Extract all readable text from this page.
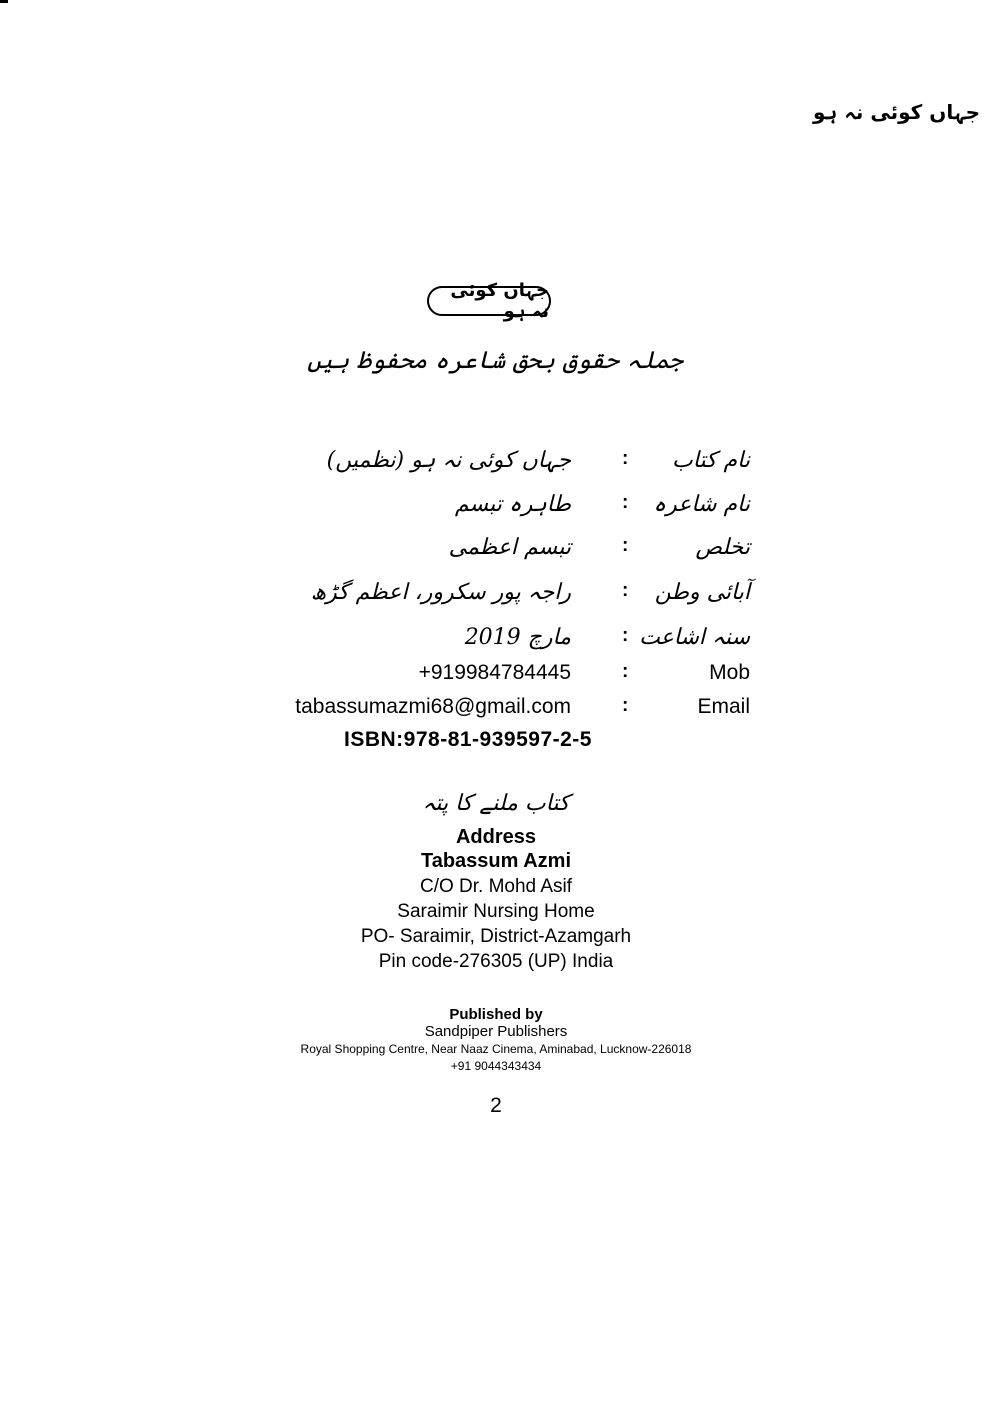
جہاں کوئی نہ ہو
جہاں کوئی نہ ہو
جملہ حقوق بحق شاعرہ محفوظ ہیں
نام کتاب
:
جہاں کوئی نہ ہو (نظمیں)
نام شاعرہ
:
طاہرہ تبسم
تخلص
:
تبسم اعظمی
آبائی وطن
:
راجہ پور سکرور، اعظم گڑھ
سنہ اشاعت
:
مارچ 2019
Mob
:
+919984784445
Email
:
tabassumazmi68@gmail.com
ISBN:978-81-939597-2-5
کتاب ملنے کا پتہ
Address
Tabassum Azmi
C/O Dr. Mohd Asif
Saraimir Nursing Home
PO- Saraimir, District-Azamgarh
Pin code-276305 (UP) India
Published by
Sandpiper Publishers
Royal Shopping Centre, Near Naaz Cinema, Aminabad, Lucknow-226018
+91 9044343434
2
